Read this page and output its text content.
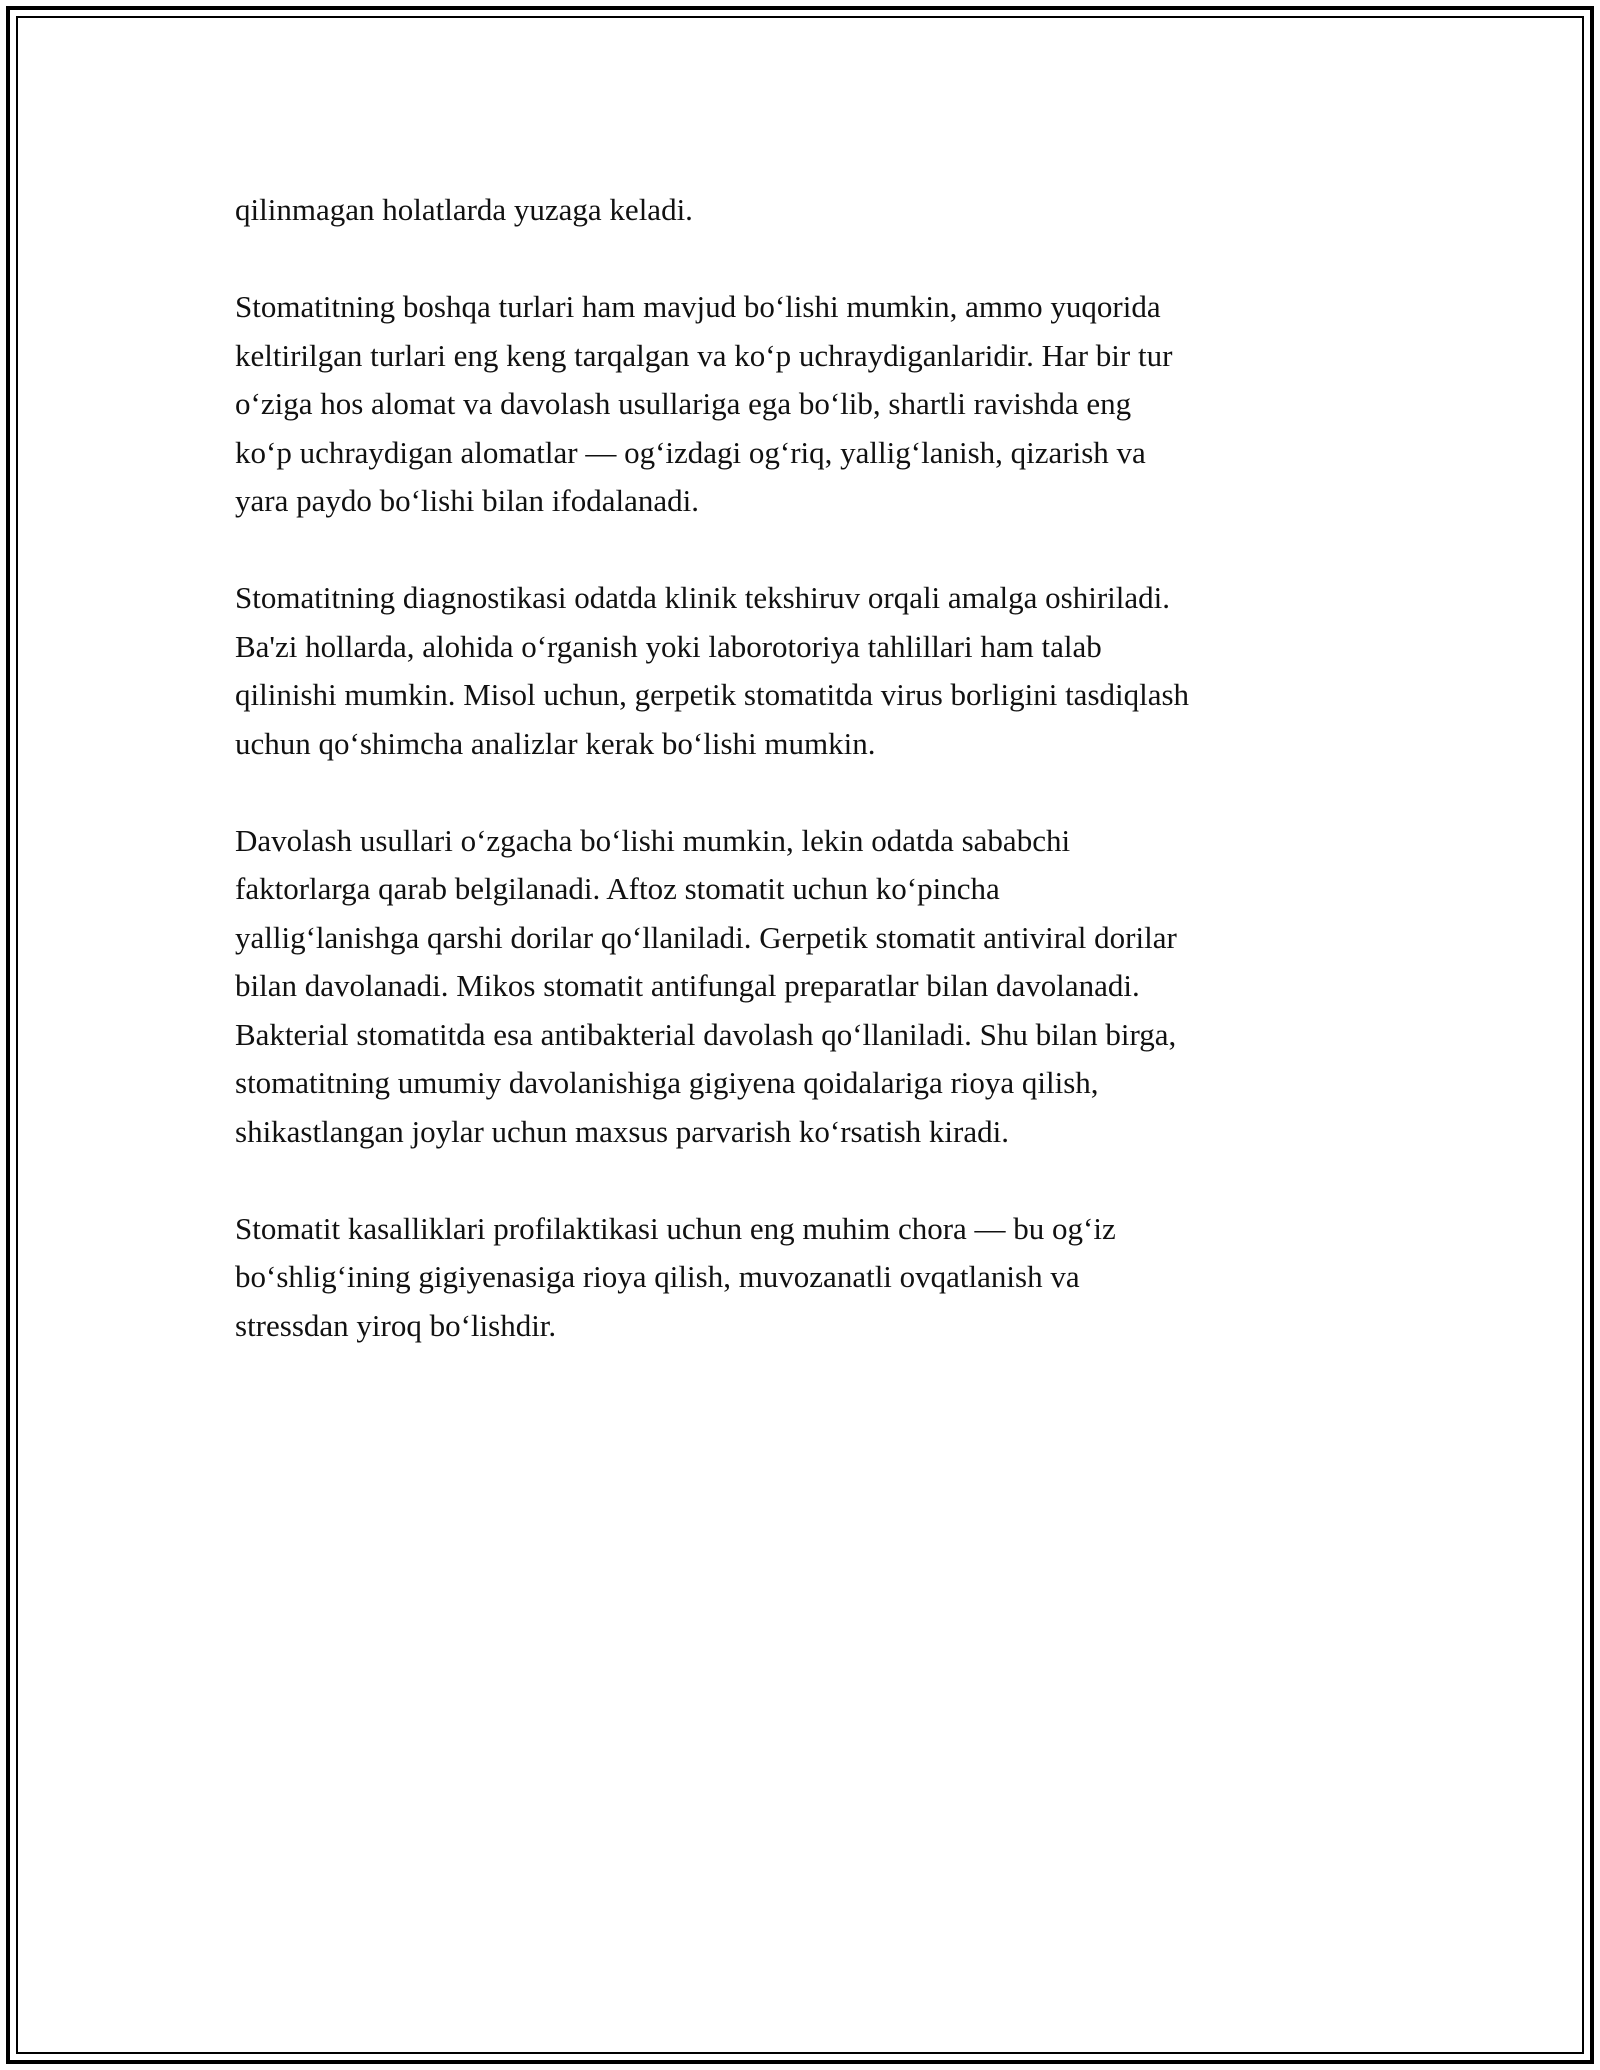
qilinmagan holatlarda yuzaga keladi.

Stomatitning boshqa turlari ham mavjud bo‘lishi mumkin, ammo yuqorida
keltirilgan turlari eng keng tarqalgan va ko‘p uchraydiganlaridir. Har bir tur
o‘ziga hos alomat va davolash usullariga ega bo‘lib, shartli ravishda eng
ko‘p uchraydigan alomatlar — og‘izdagi og‘riq, yallig‘lanish, qizarish va
yara paydo bo‘lishi bilan ifodalanadi.

Stomatitning diagnostikasi odatda klinik tekshiruv orqali amalga oshiriladi.
Ba'zi hollarda, alohida o‘rganish yoki laborotoriya tahlillari ham talab
qilinishi mumkin. Misol uchun, gerpetik stomatitda virus borligini tasdiqlash
uchun qo‘shimcha analizlar kerak bo‘lishi mumkin.

Davolash usullari o‘zgacha bo‘lishi mumkin, lekin odatda sababchi
faktorlarga qarab belgilanadi. Aftoz stomatit uchun ko‘pincha
yallig‘lanishga qarshi dorilar qo‘llaniladi. Gerpetik stomatit antiviral dorilar
bilan davolanadi. Mikos stomatit antifungal preparatlar bilan davolanadi.
Bakterial stomatitda esa antibakterial davolash qo‘llaniladi. Shu bilan birga,
stomatitning umumiy davolanishiga gigiyena qoidalariga rioya qilish,
shikastlangan joylar uchun maxsus parvarish ko‘rsatish kiradi.

Stomatit kasalliklari profilaktikasi uchun eng muhim chora — bu og‘iz
bo‘shlig‘ining gigiyenasiga rioya qilish, muvozanatli ovqatlanish va
stressdan yiroq bo‘lishdir.
